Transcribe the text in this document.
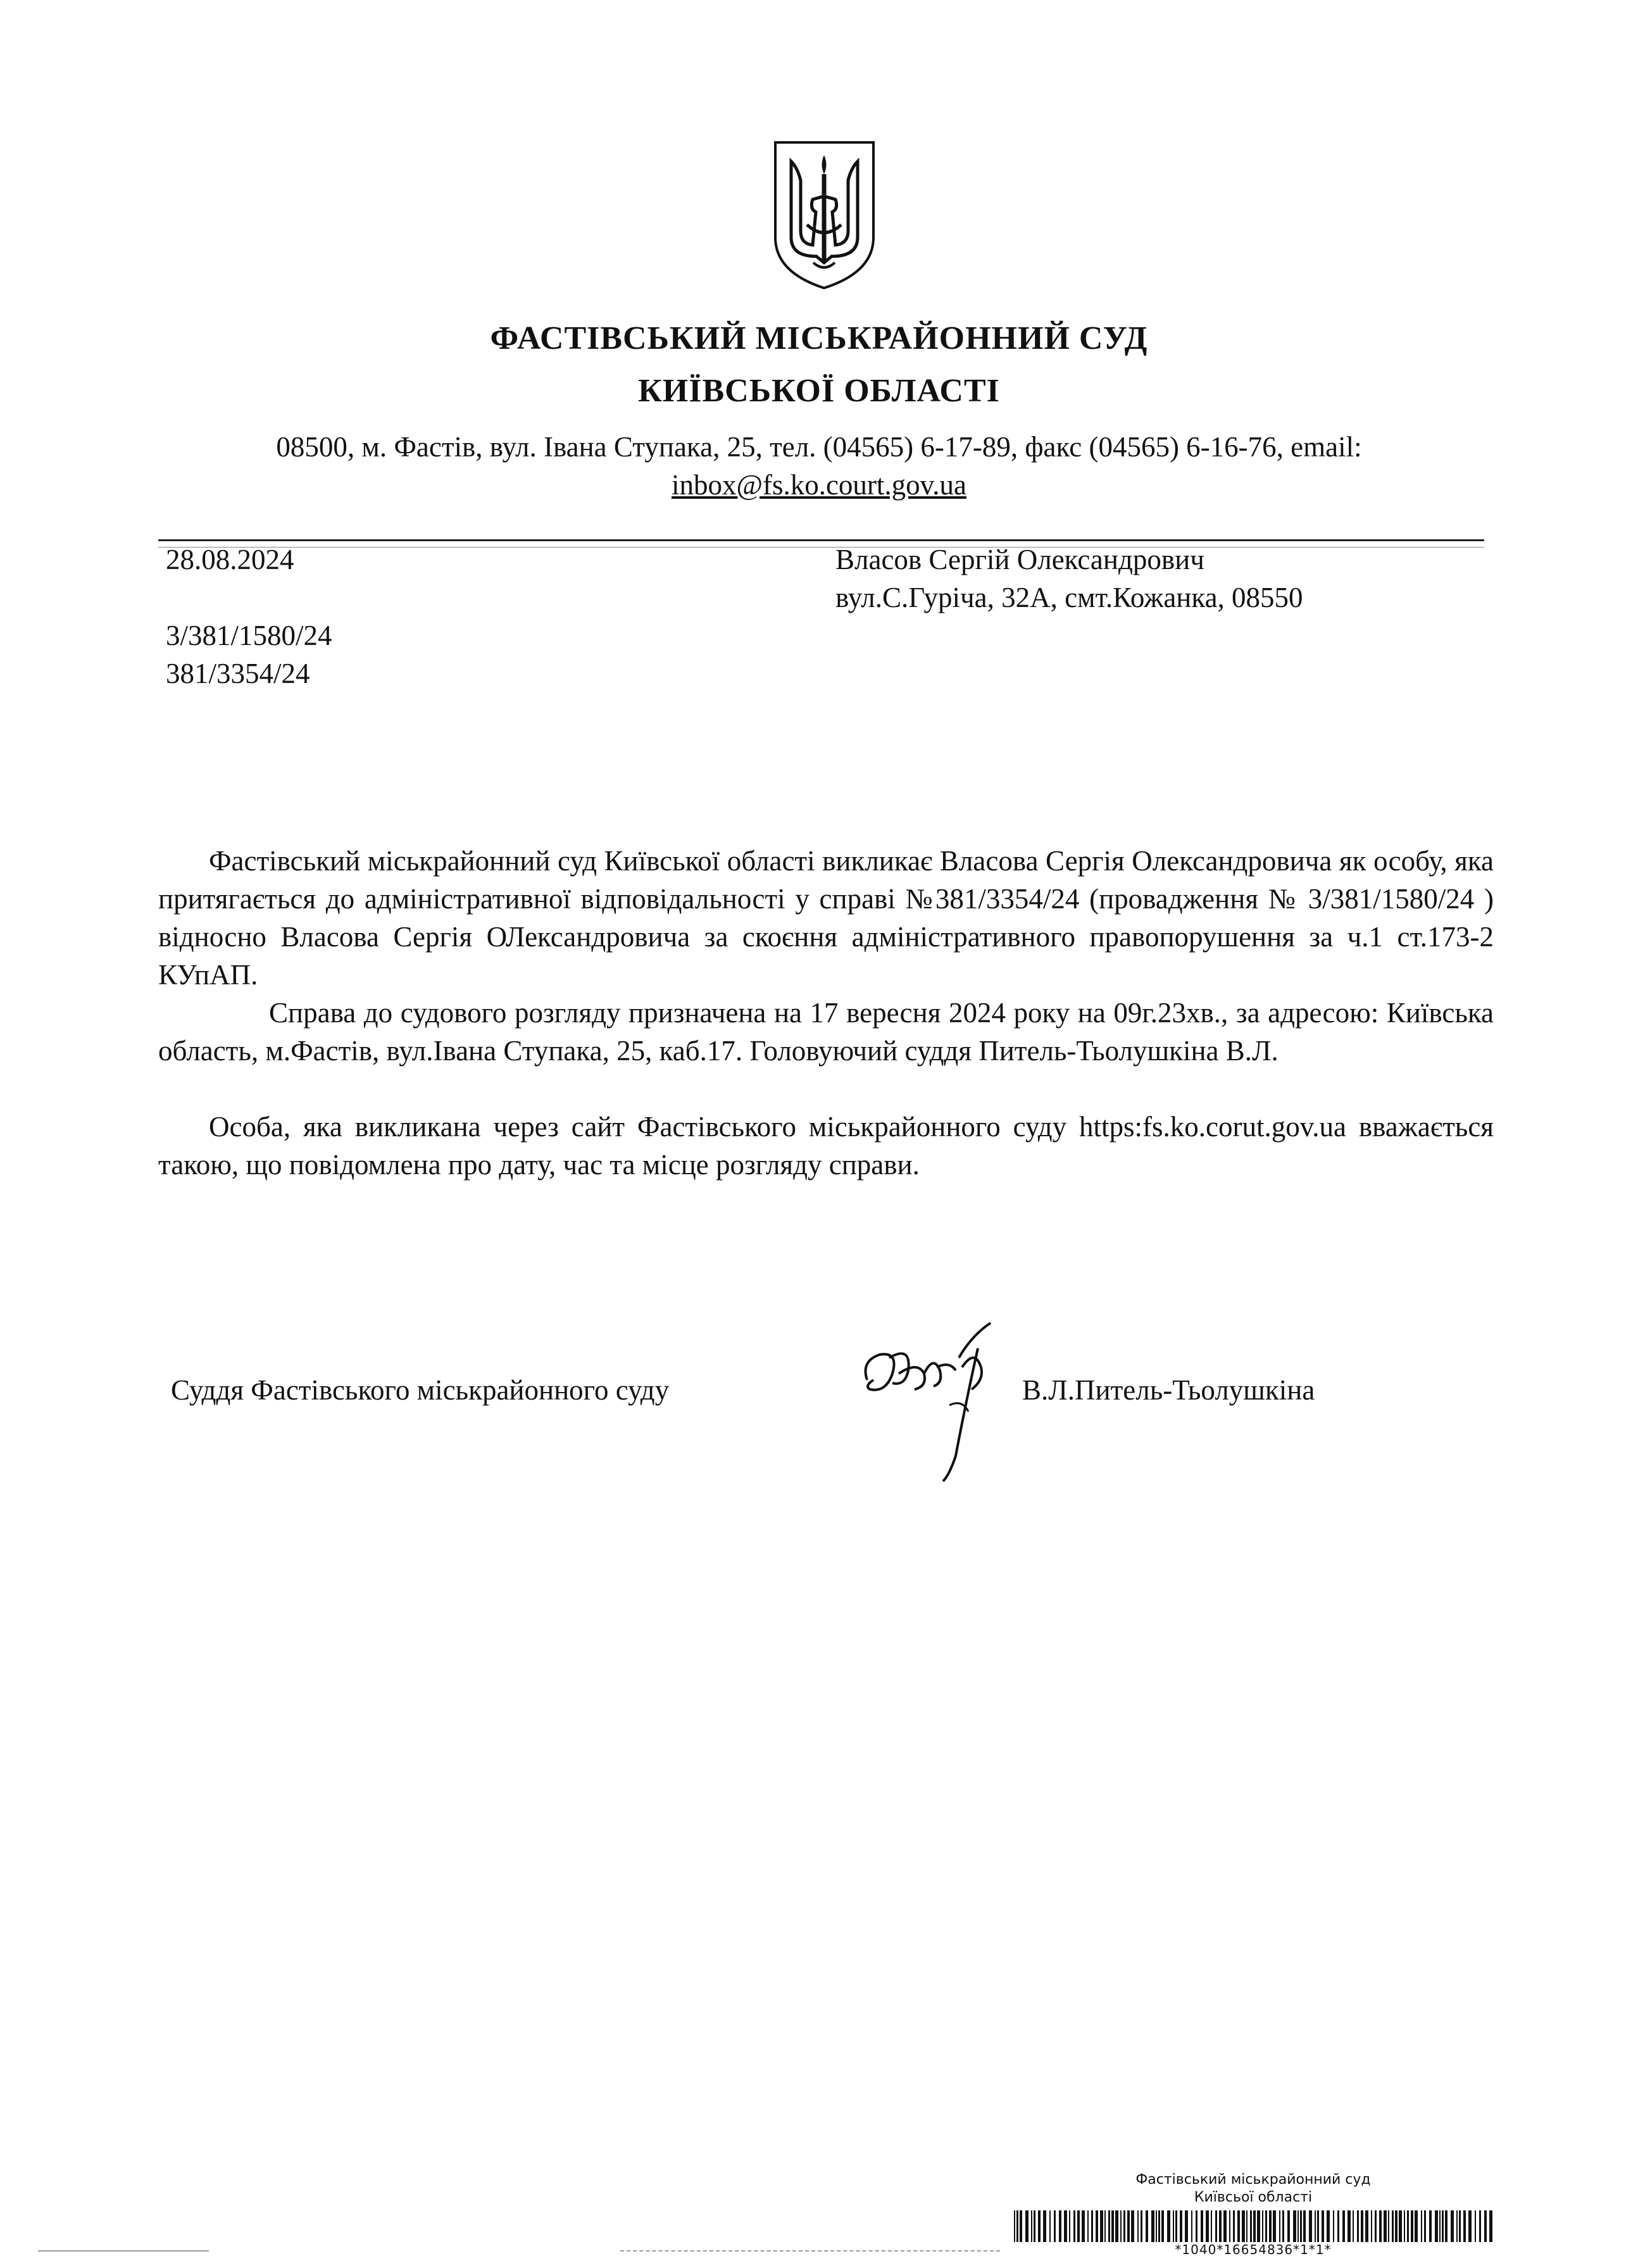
ФАСТІВСЬКИЙ МІСЬКРАЙОННИЙ СУД
КИЇВСЬКОЇ ОБЛАСТІ
08500, м. Фастів, вул. Івана Ступака, 25, тел. (04565) 6-17-89, факс (04565) 6-16-76, email:
inbox@fs.ko.court.gov.ua
28.08.2024
3/381/1580/24
381/3354/24
Власов Сергій Олександрович
вул.С.Гуріча, 32А, смт.Кожанка, 08550

Фастівський міськрайонний суд Київської області викликає Власова Сергія Олександровича як особу, яка притягається до адміністративної відповідальності у справі №381/3354/24 (провадження № 3/381/1580/24 ) відносно Власова Сергія ОЛександровича за скоєння адміністративного правопорушення за ч.1 ст.173-2 КУпАП.

Справа до судового розгляду призначена на 17 вересня 2024 року на 09г.23хв., за адресою: Київська область, м.Фастів, вул.Івана Ступака, 25, каб.17. Головуючий суддя Питель-Тьолушкіна В.Л.

Особа, яка викликана через сайт Фастівського міськрайонного суду https:fs.ko.corut.gov.ua вважається такою, що повідомлена про дату, час та місце розгляду справи.

Суддя Фастівського міськрайонного суду	В.Л.Питель-Тьолушкіна
Фастівський міськрайонний суд
Київсьої області
*1040*16654836*1*1*
